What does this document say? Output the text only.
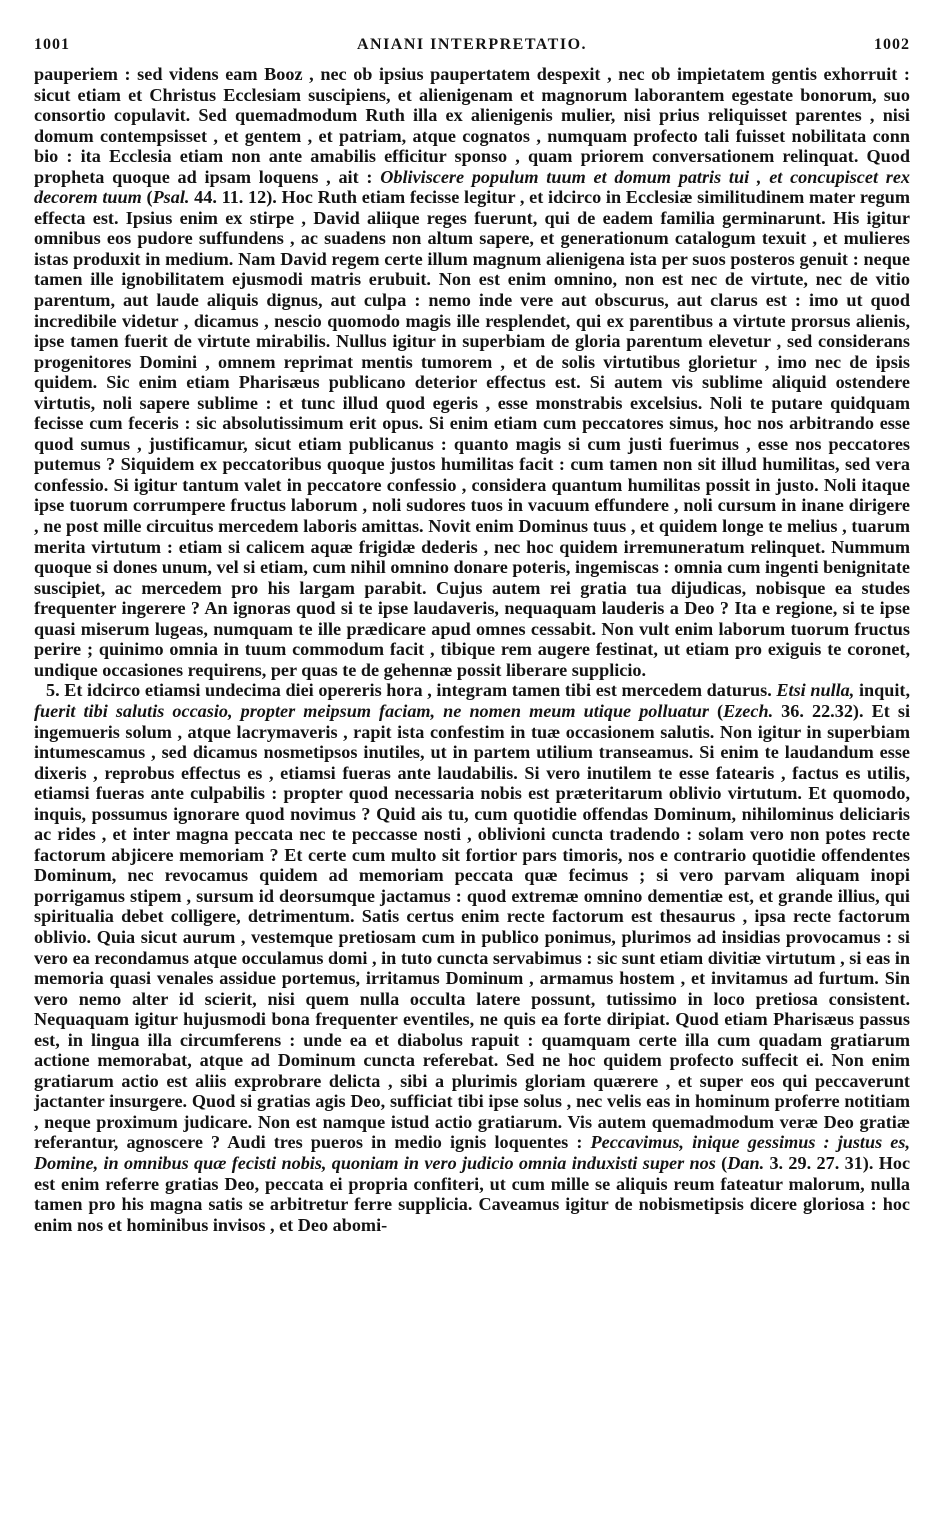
1001	ANIANI INTERPRETATIO.	1002

pauperiem : sed videns eam Booz , nec ob ipsius paupertatem despexit , nec ob impietatem gentis exhorruit : sicut etiam et Christus Ecclesiam suscipiens, et alienigenam et magnorum laborantem egestate bonorum, suo consortio copulavit. Sed quemadmodum Ruth illa ex alienigenis mulier, nisi prius reliquisset parentes , nisi domum contempsisset , et gentem , et patriam, atque cognatos , numquam profecto tali fuisset nobilitata conn bio : ita Ecclesia etiam non ante amabilis efficitur sponso , quam priorem conversationem relinquat. Quod propheta quoque ad ipsam loquens , ait : Obliviscere populum tuum et domum patris tui , et concupiscet rex decorem tuum (Psal. 44. 11. 12). Hoc Ruth etiam fecisse legitur , et idcirco in Ecclesiæ similitudinem mater regum effecta est. Ipsius enim ex stirpe , David aliique reges fuerunt, qui de eadem familia germinarunt. His igitur omnibus eos pudore suffundens , ac suadens non altum sapere, et generationum catalogum texuit , et mulieres istas produxit in medium. Nam David regem certe illum magnum alienigena ista per suos posteros genuit : neque tamen ille ignobilitatem ejusmodi matris erubuit. Non est enim omnino, non est nec de virtute, nec de vitio parentum, aut laude aliquis dignus, aut culpa : nemo inde vere aut obscurus, aut clarus est : imo ut quod incredibile videtur , dicamus , nescio quomodo magis ille resplendet, qui ex parentibus a virtute prorsus alienis, ipse tamen fuerit de virtute mirabilis. Nullus igitur in superbiam de gloria parentum elevetur , sed considerans progenitores Domini , omnem reprimat mentis tumorem , et de solis virtutibus glorietur , imo nec de ipsis quidem. Sic enim etiam Pharisæus publicano deterior effectus est. Si autem vis sublime aliquid ostendere virtutis, noli sapere sublime : et tunc illud quod egeris , esse monstrabis excelsius. Noli te putare quidquam fecisse cum feceris : sic absolutissimum erit opus. Si enim etiam cum peccatores simus, hoc nos arbitrando esse quod sumus , justificamur, sicut etiam publicanus : quanto magis si cum justi fuerimus , esse nos peccatores putemus ? Siquidem ex peccatoribus quoque justos humilitas facit : cum tamen non sit illud humilitas, sed vera confessio. Si igitur tantum valet in peccatore confessio , considera quantum humilitas possit in justo. Noli itaque ipse tuorum corrumpere fructus laborum , noli sudores tuos in vacuum effundere , noli cursum in inane dirigere , ne post mille circuitus mercedem laboris amittas. Novit enim Dominus tuus , et quidem longe te melius , tuarum merita virtutum : etiam si calicem aquæ frigidæ dederis , nec hoc quidem irremuneratum relinquet. Nummum quoque si dones unum, vel si etiam, cum nihil omnino donare poteris, ingemiscas : omnia cum ingenti benignitate suscipiet, ac mercedem pro his largam parabit. Cujus autem rei gratia tua dijudicas, nobisque ea studes frequenter ingerere ? An ignoras quod si te ipse laudaveris, nequaquam lauderis a Deo ? Ita e regione, si te ipse quasi miserum lugeas, numquam te ille prædicare apud omnes cessabit. Non vult enim laborum tuorum fructus perire ; quinimo omnia in tuum commodum facit , tibique rem augere festinat, ut etiam pro exiguis te coronet, undique occasiones requirens, per quas te de gehennæ possit liberare supplicio.

5. Et idcirco etiamsi undecima diei opereris hora , integram tamen tibi est mercedem daturus. Etsi nulla, inquit, fuerit tibi salutis occasio, propter meipsum faciam, ne nomen meum utique polluatur (Ezech. 36. 22.32). Et si ingemueris solum , atque lacrymaveris , rapit ista confestim in tuæ occasionem salutis. Non igitur in superbiam intumescamus , sed dicamus nosmetipsos inutiles, ut in partem utilium transeamus. Si enim te laudandum esse dixeris , reprobus effectus es , etiamsi fueras ante laudabilis. Si vero inutilem te esse fatearis , factus es utilis, etiamsi fueras ante culpabilis : propter quod necessaria nobis est præteritarum oblivio virtutum. Et quomodo, inquis, possumus ignorare quod novimus ? Quid ais tu, cum quotidie offendas Dominum, nihilominus deliciaris ac rides , et inter magna peccata nec te peccasse nosti , oblivioni cuncta tradendo : solam vero non potes recte factorum abjicere memoriam ? Et certe cum multo sit fortior pars timoris, nos e contrario quotidie offendentes Dominum, nec revocamus quidem ad memoriam peccata quæ fecimus ; si vero parvam aliquam inopi porrigamus stipem , sursum id deorsumque jactamus : quod extremæ omnino dementiæ est, et grande illius, qui spiritualia debet colligere, detrimentum. Satis certus enim recte factorum est thesaurus , ipsa recte factorum oblivio. Quia sicut aurum , vestemque pretiosam cum in publico ponimus, plurimos ad insidias provocamus : si vero ea recondamus atque occulamus domi , in tuto cuncta servabimus : sic sunt etiam divitiæ virtutum , si eas in memoria quasi venales assidue portemus, irritamus Dominum , armamus hostem , et invitamus ad furtum. Sin vero nemo alter id scierit, nisi quem nulla occulta latere possunt, tutissimo in loco pretiosa consistent. Nequaquam igitur hujusmodi bona frequenter eventiles, ne quis ea forte diripiat. Quod etiam Pharisæus passus est, in lingua illa circumferens : unde ea et diabolus rapuit : quamquam certe illa cum quadam gratiarum actione memorabat, atque ad Dominum cuncta referebat. Sed ne hoc quidem profecto suffecit ei. Non enim gratiarum actio est aliis exprobrare delicta , sibi a plurimis gloriam quærere , et super eos qui peccaverunt jactanter insurgere. Quod si gratias agis Deo, sufficiat tibi ipse solus , nec velis eas in hominum proferre notitiam , neque proximum judicare. Non est namque istud actio gratiarum. Vis autem quemadmodum veræ Deo gratiæ referantur, agnoscere ? Audi tres pueros in medio ignis loquentes : Peccavimus, inique gessimus : justus es, Domine, in omnibus quæ fecisti nobis, quoniam in vero judicio omnia induxisti super nos (Dan. 3. 29. 27. 31). Hoc est enim referre gratias Deo, peccata ei propria confiteri, ut cum mille se aliquis reum fateatur malorum, nulla tamen pro his magna satis se arbitretur ferre supplicia. Caveamus igitur de nobismetipsis dicere gloriosa : hoc enim nos et hominibus invisos , et Deo abomi-
